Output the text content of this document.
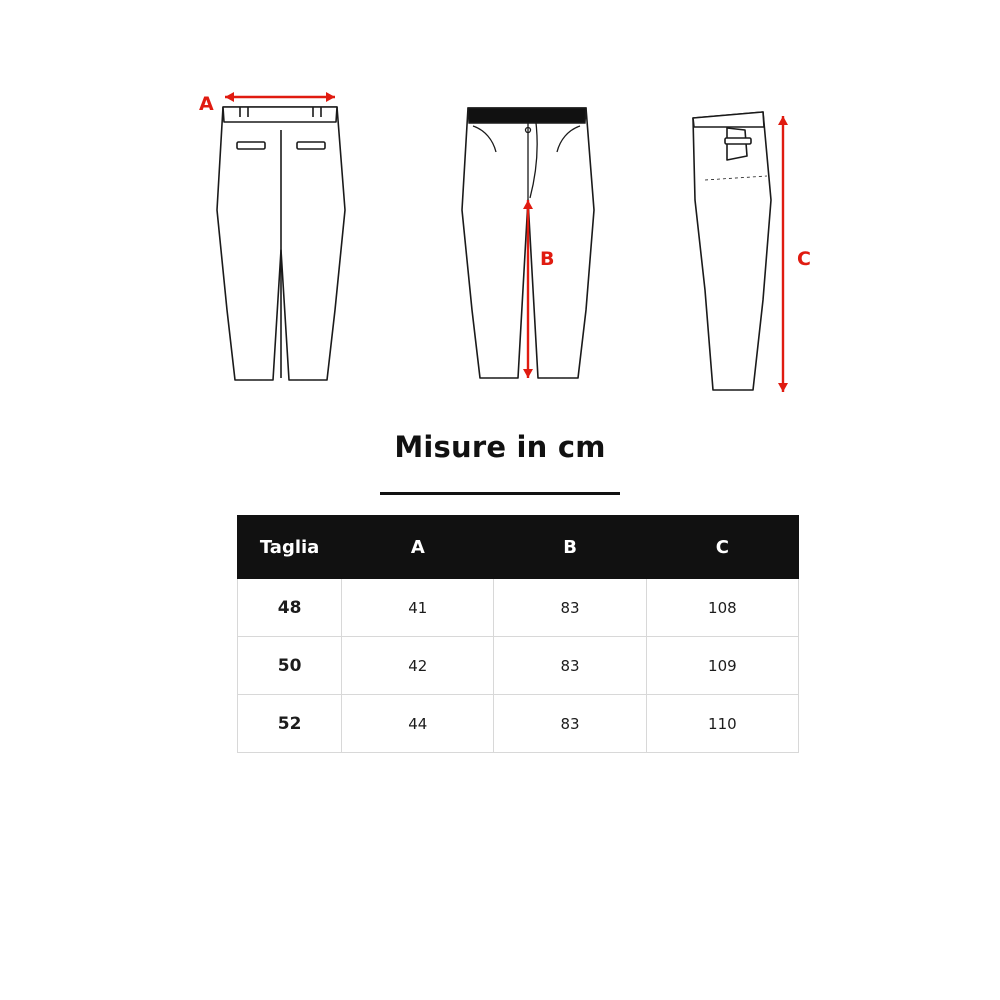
A
B	C
Misure in cm
Taglia	A	B	C
48	41	83	108
50	42	83	109
52	44	83	110
